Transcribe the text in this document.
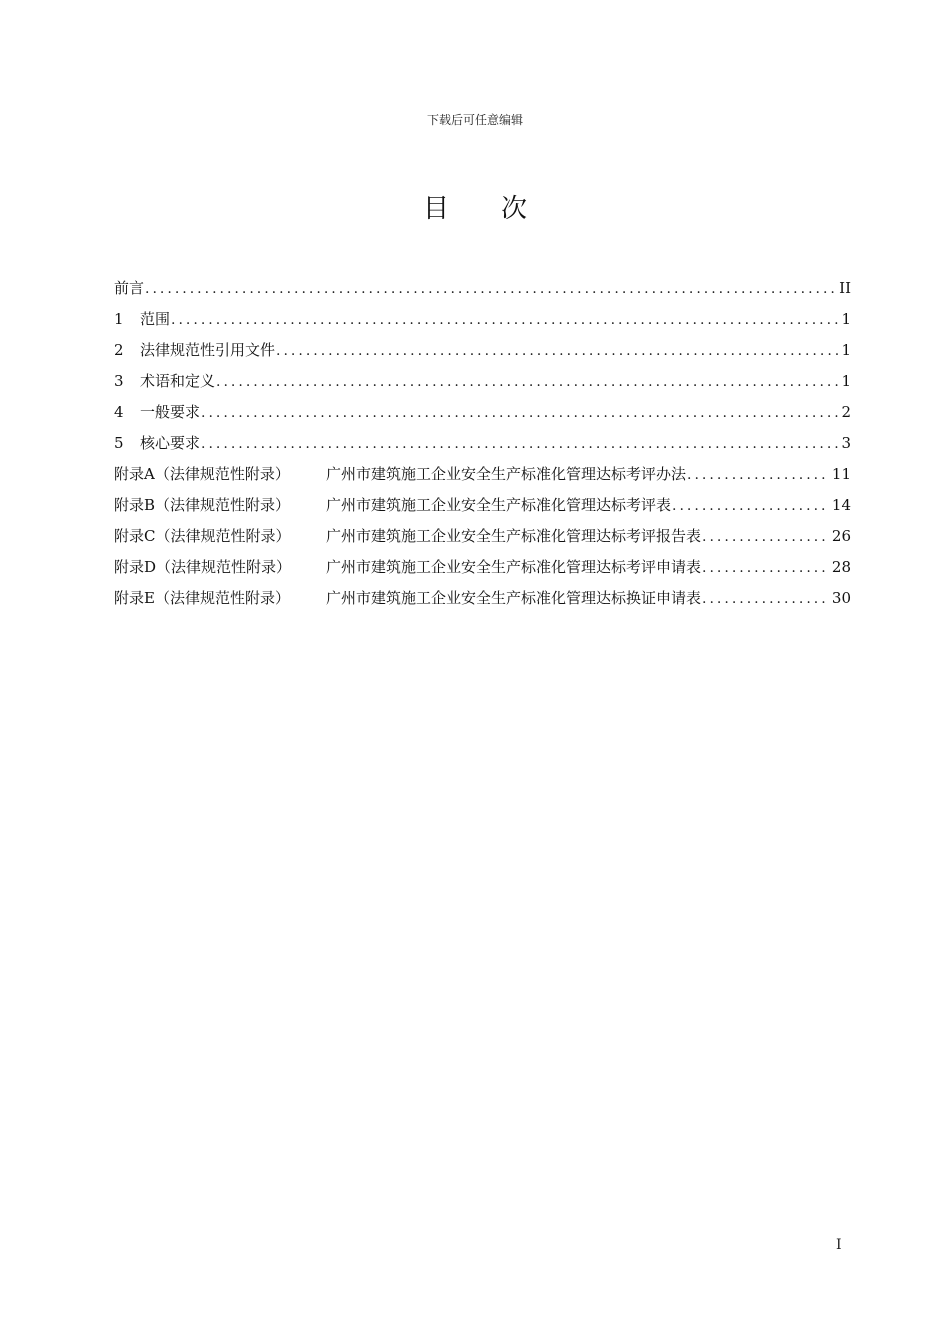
下载后可任意编辑
目 次
前言 .....	II
1	范围 .....	1
2	法律规范性引用文件 .....	1
3	术语和定义 .....	1
4	一般要求 .....	2
5	核心要求 .....	3
附录A（法律规范性附录）	广州市建筑施工企业安全生产标准化管理达标考评办法 .....	11
附录B（法律规范性附录）	广州市建筑施工企业安全生产标准化管理达标考评表 .....	14
附录C（法律规范性附录）	广州市建筑施工企业安全生产标准化管理达标考评报告表 .....	26
附录D（法律规范性附录）	广州市建筑施工企业安全生产标准化管理达标考评申请表 .....	28
附录E（法律规范性附录）	广州市建筑施工企业安全生产标准化管理达标换证申请表 .....	30
I
